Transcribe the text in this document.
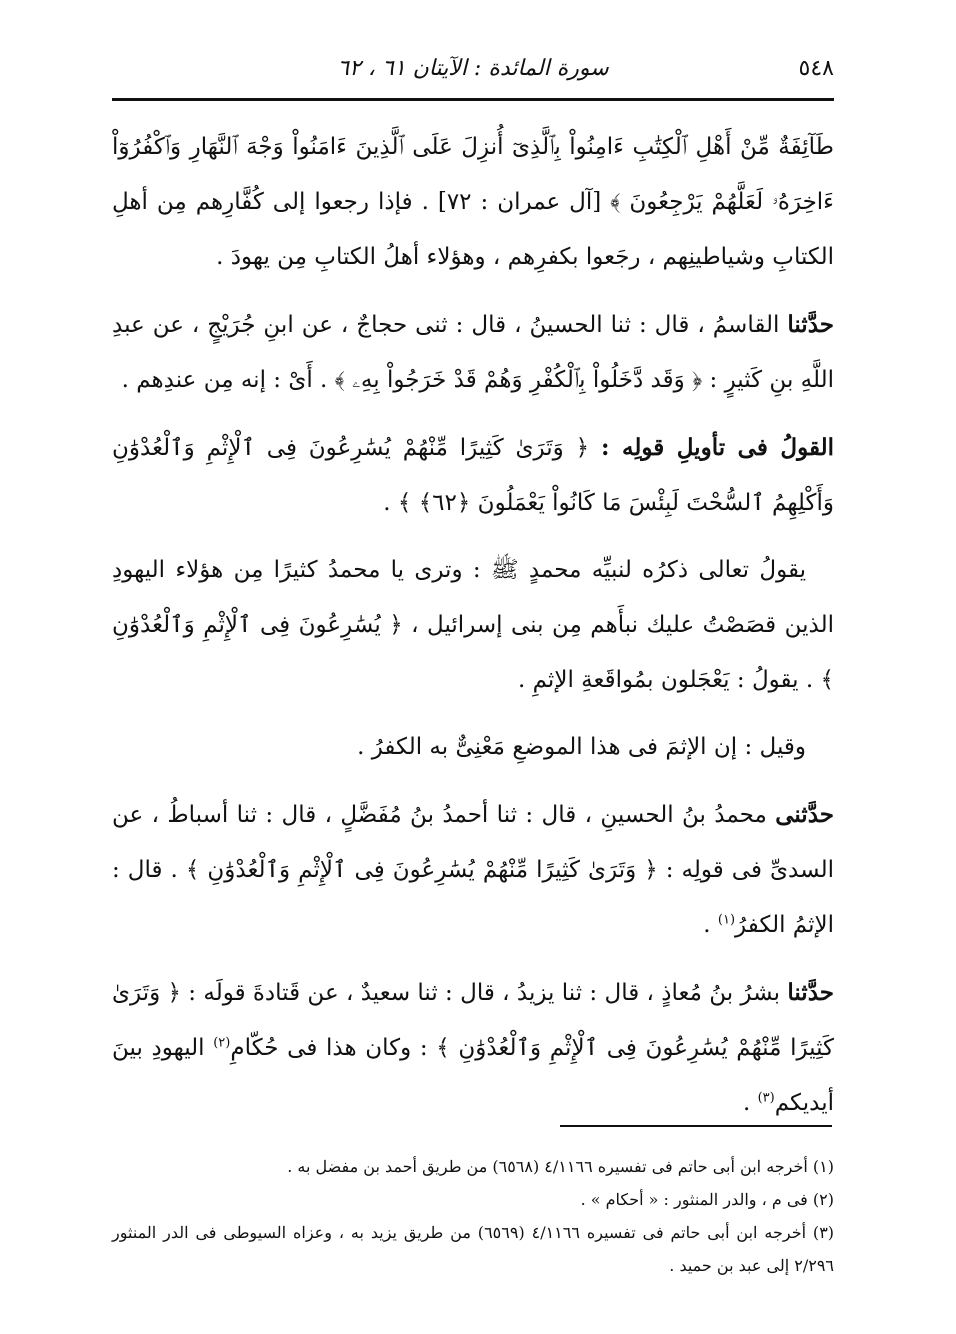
٥٤٨
سورة المائدة : الآيتان ٦١ ، ٦٢

طَآئِفَةٌ مِّنْ أَهْلِ ٱلْكِتَٰبِ ءَامِنُواْ بِٱلَّذِىٓ أُنزِلَ عَلَى ٱلَّذِينَ ءَامَنُواْ وَجْهَ ٱلنَّهَارِ وَٱكْفُرُوٓاْ ءَاخِرَهُۥ لَعَلَّهُمْ يَرْجِعُونَ ﴾ [آل عمران : ٧٢] . فإذا رجعوا إلى كُفَّارِهم مِن أهلِ الكتابِ وشياطينِهم ، رجَعوا بكفرِهم ، وهؤلاء أهلُ الكتابِ مِن يهودَ .

حدَّثنا القاسمُ ، قال : ثنا الحسينُ ، قال : ثنى حجاجٌ ، عن ابنِ جُرَيْجٍ ، عن عبدِ اللَّهِ بنِ كَثيرٍ : ﴿ وَقَد دَّخَلُواْ بِٱلْكُفْرِ وَهُمْ قَدْ خَرَجُواْ بِهِۦ ﴾ . أَىْ : إنه مِن عندِهم .

القولُ فى تأويلِ قولِه : ﴿ وَتَرَىٰ كَثِيرًا مِّنْهُمْ يُسَٰرِعُونَ فِى ٱلْإِثْمِ وَٱلْعُدْوَٰنِ وَأَكْلِهِمُ ٱلسُّحْتَ لَبِئْسَ مَا كَانُواْ يَعْمَلُونَ ﴿٦٢﴾ ﴾ .

يقولُ تعالى ذكرُه لنبيِّه محمدٍ ﷺ : وترى يا محمدُ كثيرًا مِن هؤلاء اليهودِ الذين قصَصْتُ عليك نبأَهم مِن بنى إسرائيل ، ﴿ يُسَٰرِعُونَ فِى ٱلْإِثْمِ وَٱلْعُدْوَٰنِ ﴾ . يقولُ : يَعْجَلون بمُواقَعةِ الإثمِ .

وقيل : إن الإثمَ فى هذا الموضعِ مَعْنِىٌّ به الكفرُ .

حدَّثنى محمدُ بنُ الحسينِ ، قال : ثنا أحمدُ بنُ مُفَضَّلٍ ، قال : ثنا أسباطُ ، عن السدىِّ فى قولِه : ﴿ وَتَرَىٰ كَثِيرًا مِّنْهُمْ يُسَٰرِعُونَ فِى ٱلْإِثْمِ وَٱلْعُدْوَٰنِ ﴾ . قال : الإثمُ الكفرُ$^{(١)}$ .

حدَّثنا بشرُ بنُ مُعاذٍ ، قال : ثنا يزيدُ ، قال : ثنا سعيدٌ ، عن قَتادةَ قولَه : ﴿ وَتَرَىٰ كَثِيرًا مِّنْهُمْ يُسَٰرِعُونَ فِى ٱلْإِثْمِ وَٱلْعُدْوَٰنِ ﴾ : وكان هذا فى حُكّامِ$^{(٢)}$ اليهودِ بينَ أيديكم$^{(٣)}$ .

(١) أخرجه ابن أبى حاتم فى تفسيره ٤/١١٦٦ (٦٥٦٨) من طريق أحمد بن مفضل به .

(٢) فى م ، والدر المنثور : « أحكام » .

(٣) أخرجه ابن أبى حاتم فى تفسيره ٤/١١٦٦ (٦٥٦٩) من طريق يزيد به ، وعزاه السيوطى فى الدر المنثور ٢/٢٩٦ إلى عبد بن حميد .
